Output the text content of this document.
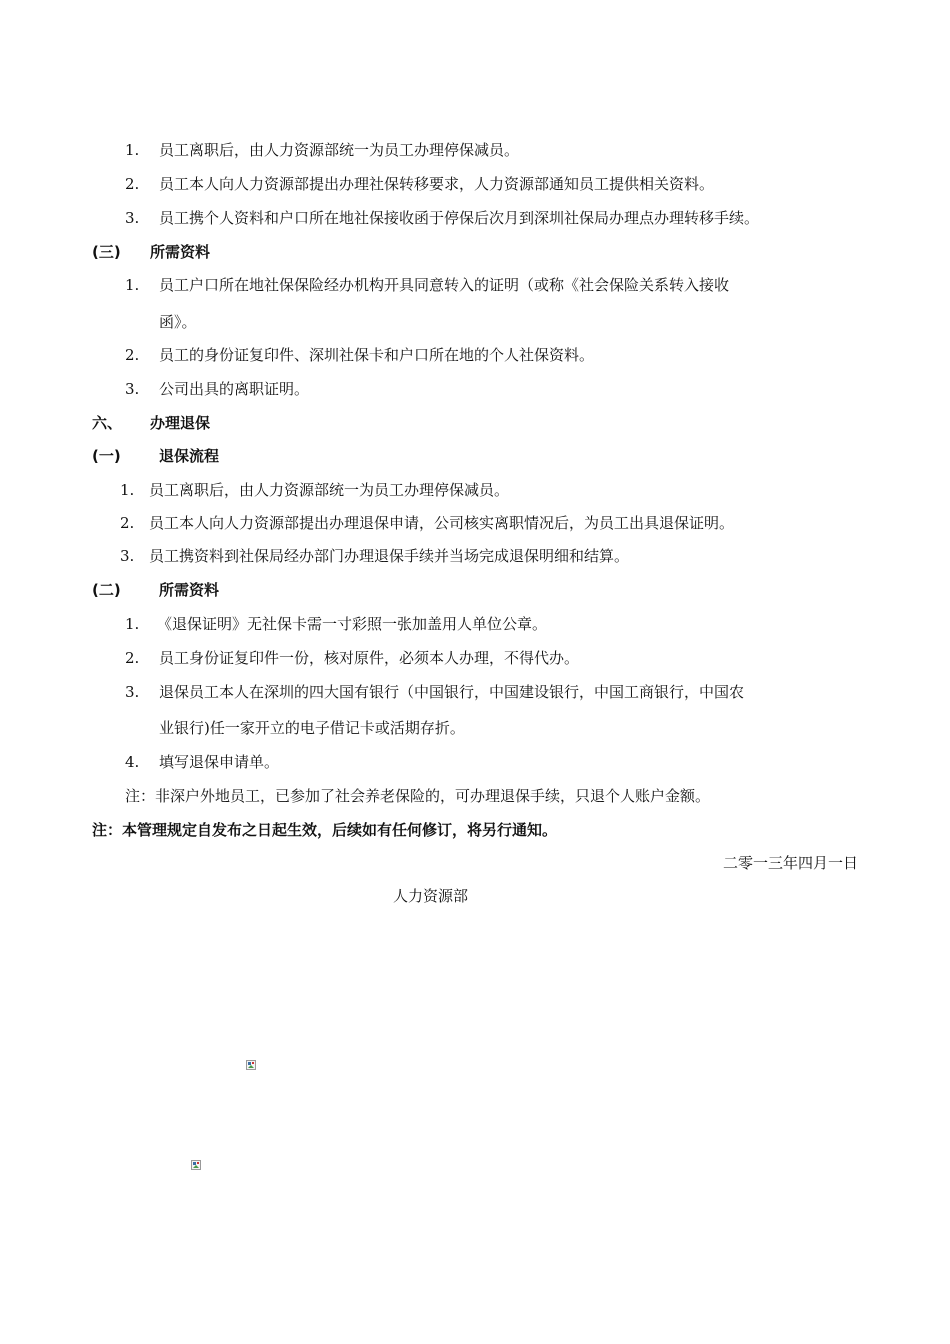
1. 员工离职后，由人力资源部统一为员工办理停保减员。
2. 员工本人向人力资源部提出办理社保转移要求，人力资源部通知员工提供相关资料。
3. 员工携个人资料和户口所在地社保接收函于停保后次月到深圳社保局办理点办理转移手续。
(三) 所需资料
1. 员工户口所在地社保保险经办机构开具同意转入的证明（或称《社会保险关系转入接收
函》。
2. 员工的身份证复印件、深圳社保卡和户口所在地的个人社保资料。
3. 公司出具的离职证明。
六、 办理退保
(一)	退保流程
1. 员工离职后，由人力资源部统一为员工办理停保减员。
2. 员工本人向人力资源部提出办理退保申请，公司核实离职情况后，为员工出具退保证明。
3. 员工携资料到社保局经办部门办理退保手续并当场完成退保明细和结算。
(二)	所需资料
1. 《退保证明》无社保卡需一寸彩照一张加盖用人单位公章。
2. 员工身份证复印件一份，核对原件，必须本人办理，不得代办。
3. 退保员工本人在深圳的四大国有银行（中国银行，中国建设银行，中国工商银行，中国农
业银行)任一家开立的电子借记卡或活期存折。
4. 填写退保申请单。
注：非深户外地员工，已参加了社会养老保险的，可办理退保手续，只退个人账户金额。
注：本管理规定自发布之日起生效，后续如有任何修订，将另行通知。
二零一三年四月一日
人力资源部
